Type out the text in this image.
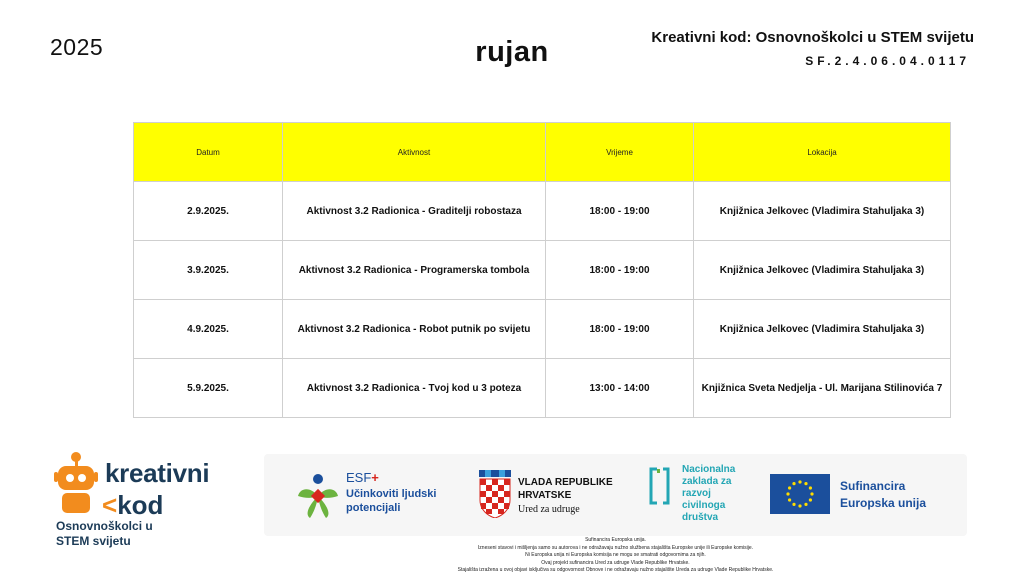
2025	rujan	Kreativni kod: Osnovnoškolci u STEM svijetu
SF.2.4.06.04.0117
Datum	Aktivnost	Vrijeme	Lokacija
2.9.2025.	Aktivnost 3.2 Radionica - Graditelji robostaza	18:00 - 19:00	Knjižnica Jelkovec (Vladimira Stahuljaka 3)
3.9.2025.	Aktivnost 3.2 Radionica - Programerska tombola	18:00 - 19:00	Knjižnica Jelkovec (Vladimira Stahuljaka 3)
4.9.2025.	Aktivnost 3.2 Radionica - Robot putnik po svijetu	18:00 - 19:00	Knjižnica Jelkovec (Vladimira Stahuljaka 3)
5.9.2025.	Aktivnost 3.2 Radionica - Tvoj kod u 3 poteza	13:00 - 14:00	Knjižnica Sveta Nedjelja - Ul. Marijana Stilinovića 7
kreativni
<kod
Osnovnoškolci u
STEM svijetu
ESF+
Učinkoviti ljudski
potencijali
VLADA REPUBLIKE
HRVATSKE
Ured za udruge
Nacionalna
zaklada za
razvoj
civilnoga
društva
Sufinancira
Europska unija
Sufinancira Europska unija.
Izneseni stavovi i mišljenja samo su autorova i ne odražavaju nužno službena stajališta Europske unije ili Europske komisije.
Ni Europska unija ni Europska komisija ne mogu se smatrati odgovornima za njih.
Ovaj projekt sufinancira Ured za udruge Vlade Republike Hrvatske.
Stajališta izražena u ovoj objavi isključiva su odgovornost Obnove i ne odražavaju nužno stajalište Ureda za udruge Vlade Republike Hrvatske.
